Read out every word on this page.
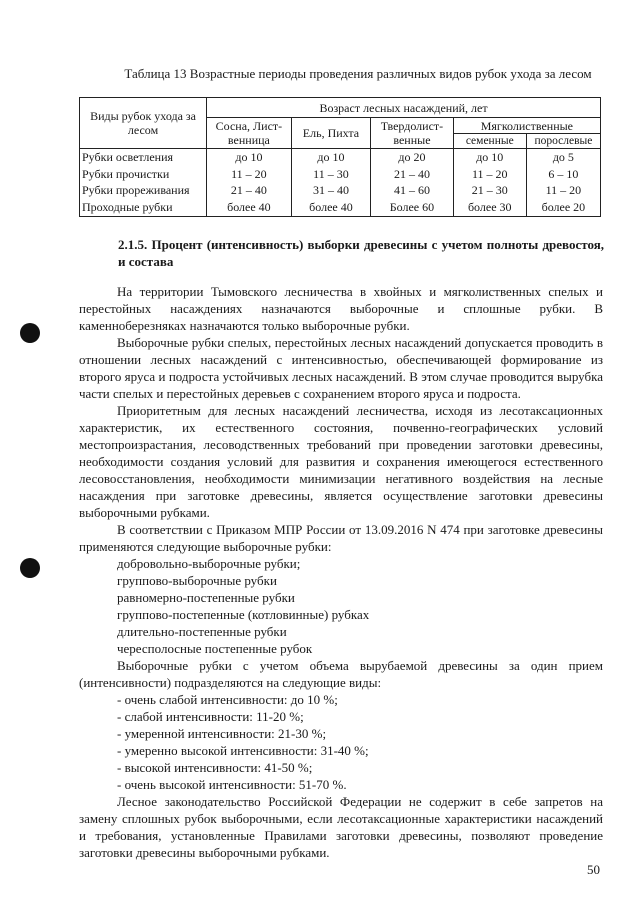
Таблица 13 Возрастные периоды проведения различных видов рубок ухода за лесом
Виды рубок ухода за лесом	Возраст лесных насаждений, лет				
	Сосна, Лист-венница	Ель, Пихта	Твердолист-венные	Мягколиственные	
				семенные	порослевые
Рубки осветления	до 10	до 10	до 20	до 10	до 5
Рубки прочистки	11 – 20	11 – 30	21 – 40	11 – 20	6 – 10
Рубки прореживания	21 – 40	31 – 40	41 – 60	21 – 30	11 – 20
Проходные рубки	более 40	более 40	Более 60	более 30	более 20
2.1.5. Процент (интенсивность) выборки древесины с учетом полноты древостоя, и состава

На территории Тымовского лесничества в хвойных и мягколиственных спелых и перестойных насаждениях назначаются выборочные и сплошные рубки. В каменноберезняках назначаются только выборочные рубки.

Выборочные рубки спелых, перестойных лесных насаждений допускается проводить в отношении лесных насаждений с интенсивностью, обеспечивающей формирование из второго яруса и подроста устойчивых лесных насаждений. В этом случае проводится вырубка части спелых и перестойных деревьев с сохранением второго яруса и подроста.

Приоритетным для лесных насаждений лесничества, исходя из лесотаксационных характеристик, их естественного состояния, почвенно-географических условий местопроизрастания, лесоводственных требований при проведении заготовки древесины, необходимости создания условий для развития и сохранения имеющегося естественного лесовосстановления, необходимости минимизации негативного воздействия на лесные насаждения при заготовке древесины, является осуществление заготовки древесины выборочными рубками.

В соответствии с Приказом МПР России от 13.09.2016 N 474 при заготовке древесины применяются следующие выборочные рубки:

добровольно-выборочные рубки;
группово-выборочные рубки
равномерно-постепенные рубки
группово-постепенные (котловинные) рубках
длительно-постепенные рубки
чересполосные постепенные рубок

Выборочные рубки с учетом объема вырубаемой древесины за один прием (интенсивности) подразделяются на следующие виды:

- очень слабой интенсивности: до 10 %;
- слабой интенсивности: 11-20 %;
- умеренной интенсивности: 21-30 %;
- умеренно высокой интенсивности: 31-40 %;
- высокой интенсивности: 41-50 %;
- очень высокой интенсивности: 51-70 %.

Лесное законодательство Российской Федерации не содержит в себе запретов на замену сплошных рубок выборочными, если лесотаксационные характеристики насаждений и требования, установленные Правилами заготовки древесины, позволяют проведение заготовки древесины выборочными рубками.

50
